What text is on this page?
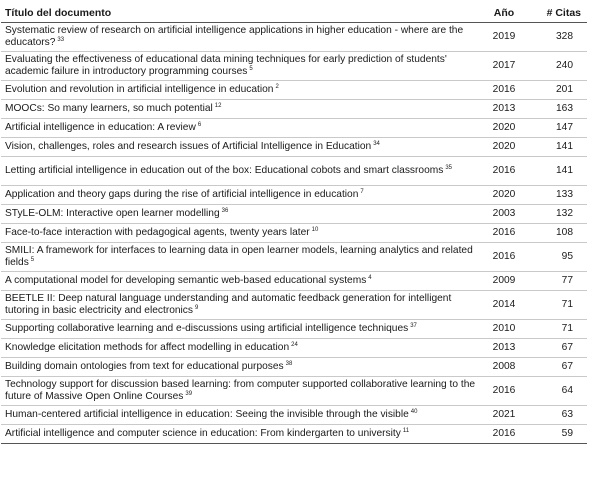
Título del documento	Año	# Citas
Systematic review of research on artificial intelligence applications in higher education - where are the educators? $^{33}$	2019	328
Evaluating the effectiveness of educational data mining techniques for early prediction of students' academic failure in introductory programming courses $^5$	2017	240
Evolution and revolution in artificial intelligence in education $^2$	2016	201
MOOCs: So many learners, so much potential $^{12}$	2013	163
Artificial intelligence in education: A review $^6$	2020	147
Vision, challenges, roles and research issues of Artificial Intelligence in Education $^{34}$	2020	141
Letting artificial intelligence in education out of the box: Educational cobots and smart classrooms $^{35}$	2016	141
Application and theory gaps during the rise of artificial intelligence in education $^7$	2020	133
STyLE-OLM: Interactive open learner modelling $^{36}$	2003	132
Face-to-face interaction with pedagogical agents, twenty years later $^{10}$	2016	108
SMILI: A framework for interfaces to learning data in open learner models, learning analytics and related fields $^5$	2016	95
A computational model for developing semantic web-based educational systems $^4$	2009	77
BEETLE II: Deep natural language understanding and automatic feedback generation for intelligent tutoring in basic electricity and electronics $^9$	2014	71
Supporting collaborative learning and e-discussions using artificial intelligence techniques $^{37}$	2010	71
Knowledge elicitation methods for affect modelling in education $^{24}$	2013	67
Building domain ontologies from text for educational purposes $^{38}$	2008	67
Technology support for discussion based learning: from computer supported collaborative learning to the future of Massive Open Online Courses $^{39}$	2016	64
Human-centered artificial intelligence in education: Seeing the invisible through the visible $^{40}$	2021	63
Artificial intelligence and computer science in education: From kindergarten to university $^{11}$	2016	59
